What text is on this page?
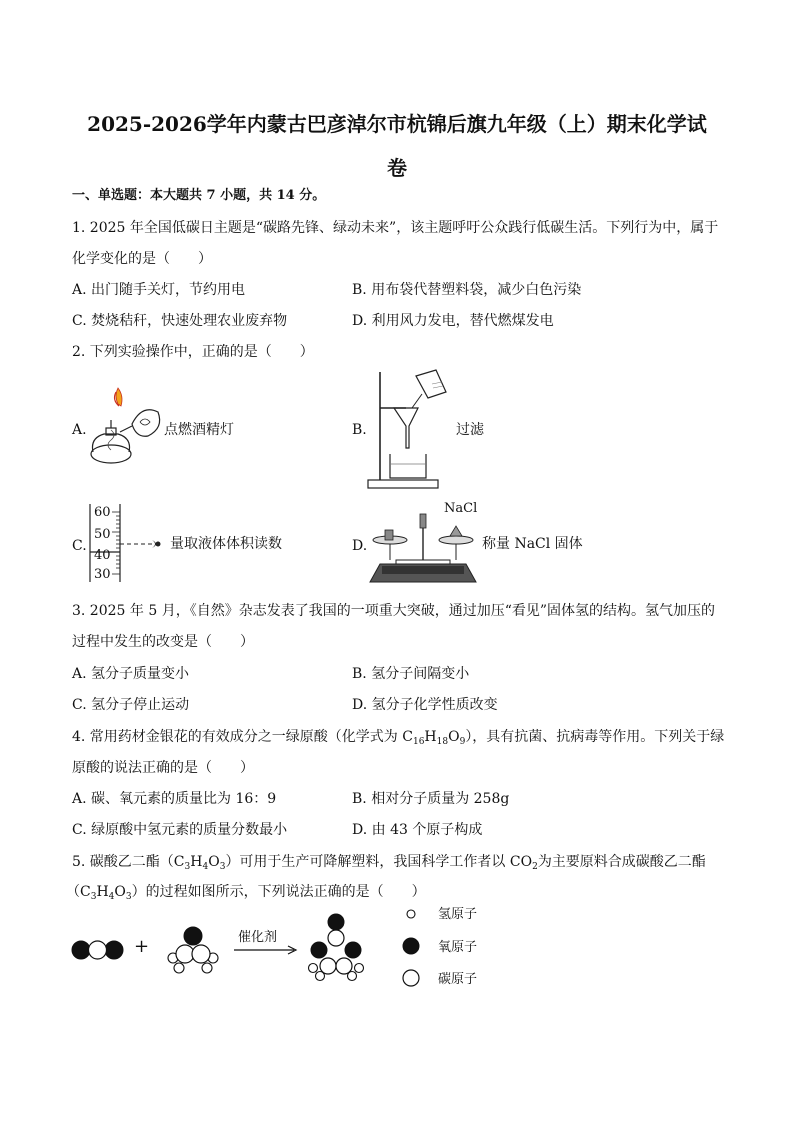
2025-2026学年内蒙古巴彦淖尔市杭锦后旗九年级（上）期末化学试
卷
一、单选题：本大题共 7 小题，共 14 分。
1. 2025 年全国低碳日主题是“碳路先锋、绿动未来”，该主题呼吁公众践行低碳生活。下列行为中，属于
化学变化的是（　　）
A. 出门随手关灯，节约用电	B. 用布袋代替塑料袋，减少白色污染
C. 焚烧秸秆，快速处理农业废弃物	D. 利用风力发电，替代燃煤发电
2. 下列实验操作中，正确的是（　　）
A.	点燃酒精灯	B.	过滤
C.
60
50
40
30
量取液体体积读数	D.
NaCl
称量 NaCl 固体
3. 2025 年 5 月，《自然》杂志发表了我国的一项重大突破，通过加压“看见”固体氢的结构。氢气加压的
过程中发生的改变是（　　）
A. 氢分子质量变小	B. 氢分子间隔变小
C. 氢分子停止运动	D. 氢分子化学性质改变
4. 常用药材金银花的有效成分之一绿原酸（化学式为 $C_{16}H_{18}O_9$），具有抗菌、抗病毒等作用。下列关于绿
原酸的说法正确的是（　　）
A. 碳、氧元素的质量比为 16：9	B. 相对分子质量为 258g
C. 绿原酸中氢元素的质量分数最小	D. 由 43 个原子构成
5. 碳酸乙二酯$(C_3H_4O_3)$可用于生产可降解塑料，我国科学工作者以 $CO_2$为主要原料合成碳酸乙二酯
$(C_3H_4O_3)$的过程如图所示，下列说法正确的是（　　）
+	催化剂
氢原子
氧原子
碳原子
